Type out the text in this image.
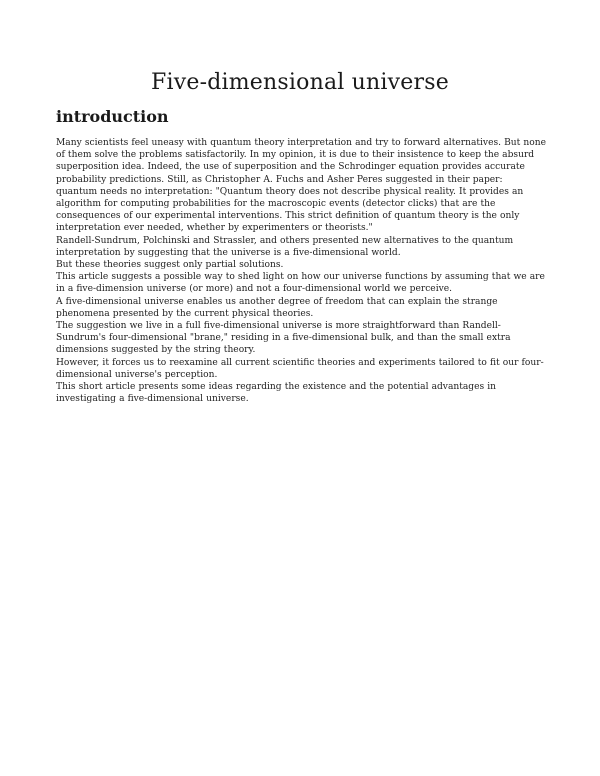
Five-dimensional universe
introduction

Many scientists feel uneasy with quantum theory interpretation and try to forward alternatives. But none of them solve the problems satisfactorily. In my opinion, it is due to their insistence to keep the absurd superposition idea. Indeed, the use of superposition and the Schrodinger equation provides accurate probability predictions. Still, as Christopher A. Fuchs and Asher Peres suggested in their paper: quantum needs no interpretation: "Quantum theory does not describe physical reality. It provides an algorithm for computing probabilities for the macroscopic events (detector clicks) that are the consequences of our experimental interventions. This strict definition of quantum theory is the only interpretation ever needed, whether by experimenters or theorists."

Randell-Sundrum, Polchinski and Strassler, and others presented new alternatives to the quantum interpretation by suggesting that the universe is a five-dimensional world.

But these theories suggest only partial solutions.

This article suggests a possible way to shed light on how our universe functions by assuming that we are in a five-dimension universe (or more) and not a four-dimensional world we perceive.

A five-dimensional universe enables us another degree of freedom that can explain the strange phenomena presented by the current physical theories.

The suggestion we live in a full five-dimensional universe is more straightforward than Randell-Sundrum's four-dimensional "brane," residing in a five-dimensional bulk, and than the small extra dimensions suggested by the string theory.

However, it forces us to reexamine all current scientific theories and experiments tailored to fit our four-dimensional universe's perception.

This short article presents some ideas regarding the existence and the potential advantages in investigating a five-dimensional universe.
